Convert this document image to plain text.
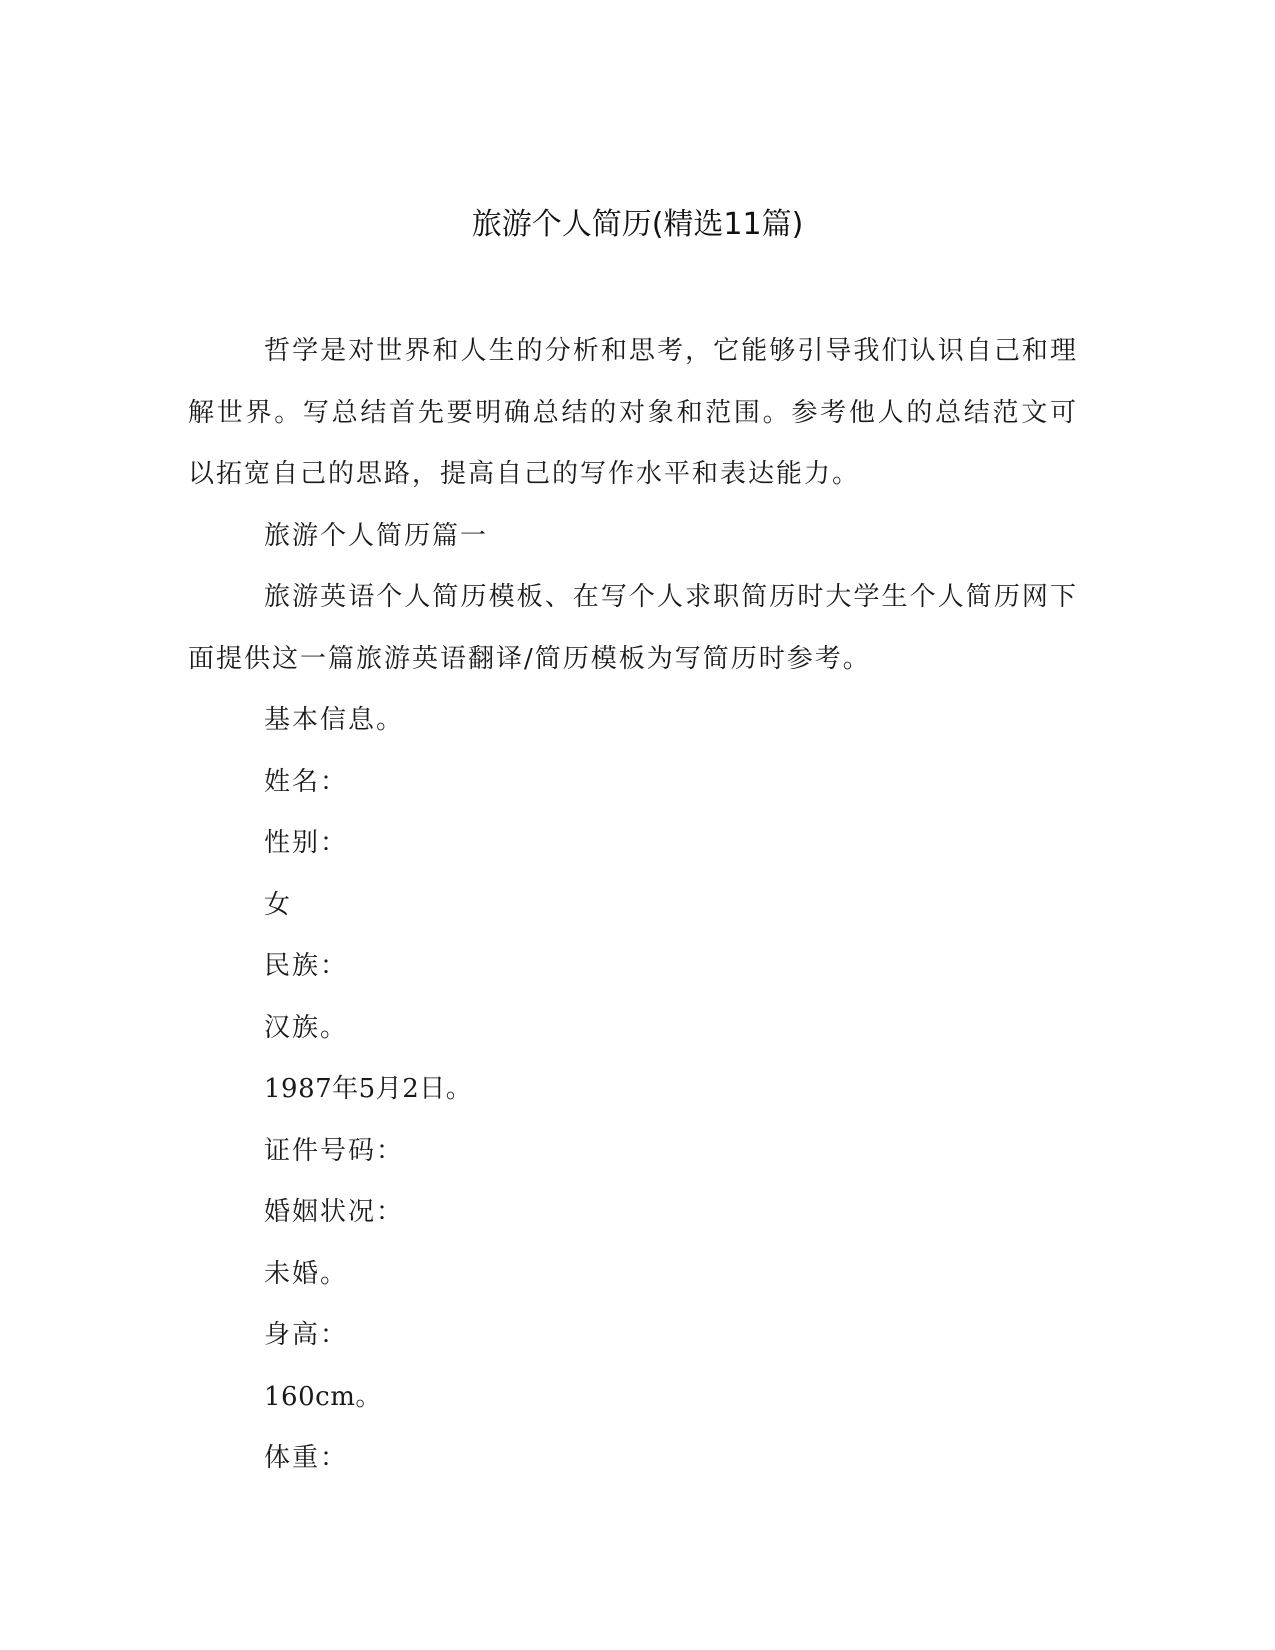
旅游个人简历(精选11篇)

哲学是对世界和人生的分析和思考，它能够引导我们认识自己和理解世界。写总结首先要明确总结的对象和范围。参考他人的总结范文可以拓宽自己的思路，提高自己的写作水平和表达能力。

旅游个人简历篇一

旅游英语个人简历模板、在写个人求职简历时大学生个人简历网下面提供这一篇旅游英语翻译/简历模板为写简历时参考。

基本信息。

姓名：

性别：

女

民族：

汉族。

1987年5月2日。

证件号码：

婚姻状况：

未婚。

身高：

160cm。

体重：
